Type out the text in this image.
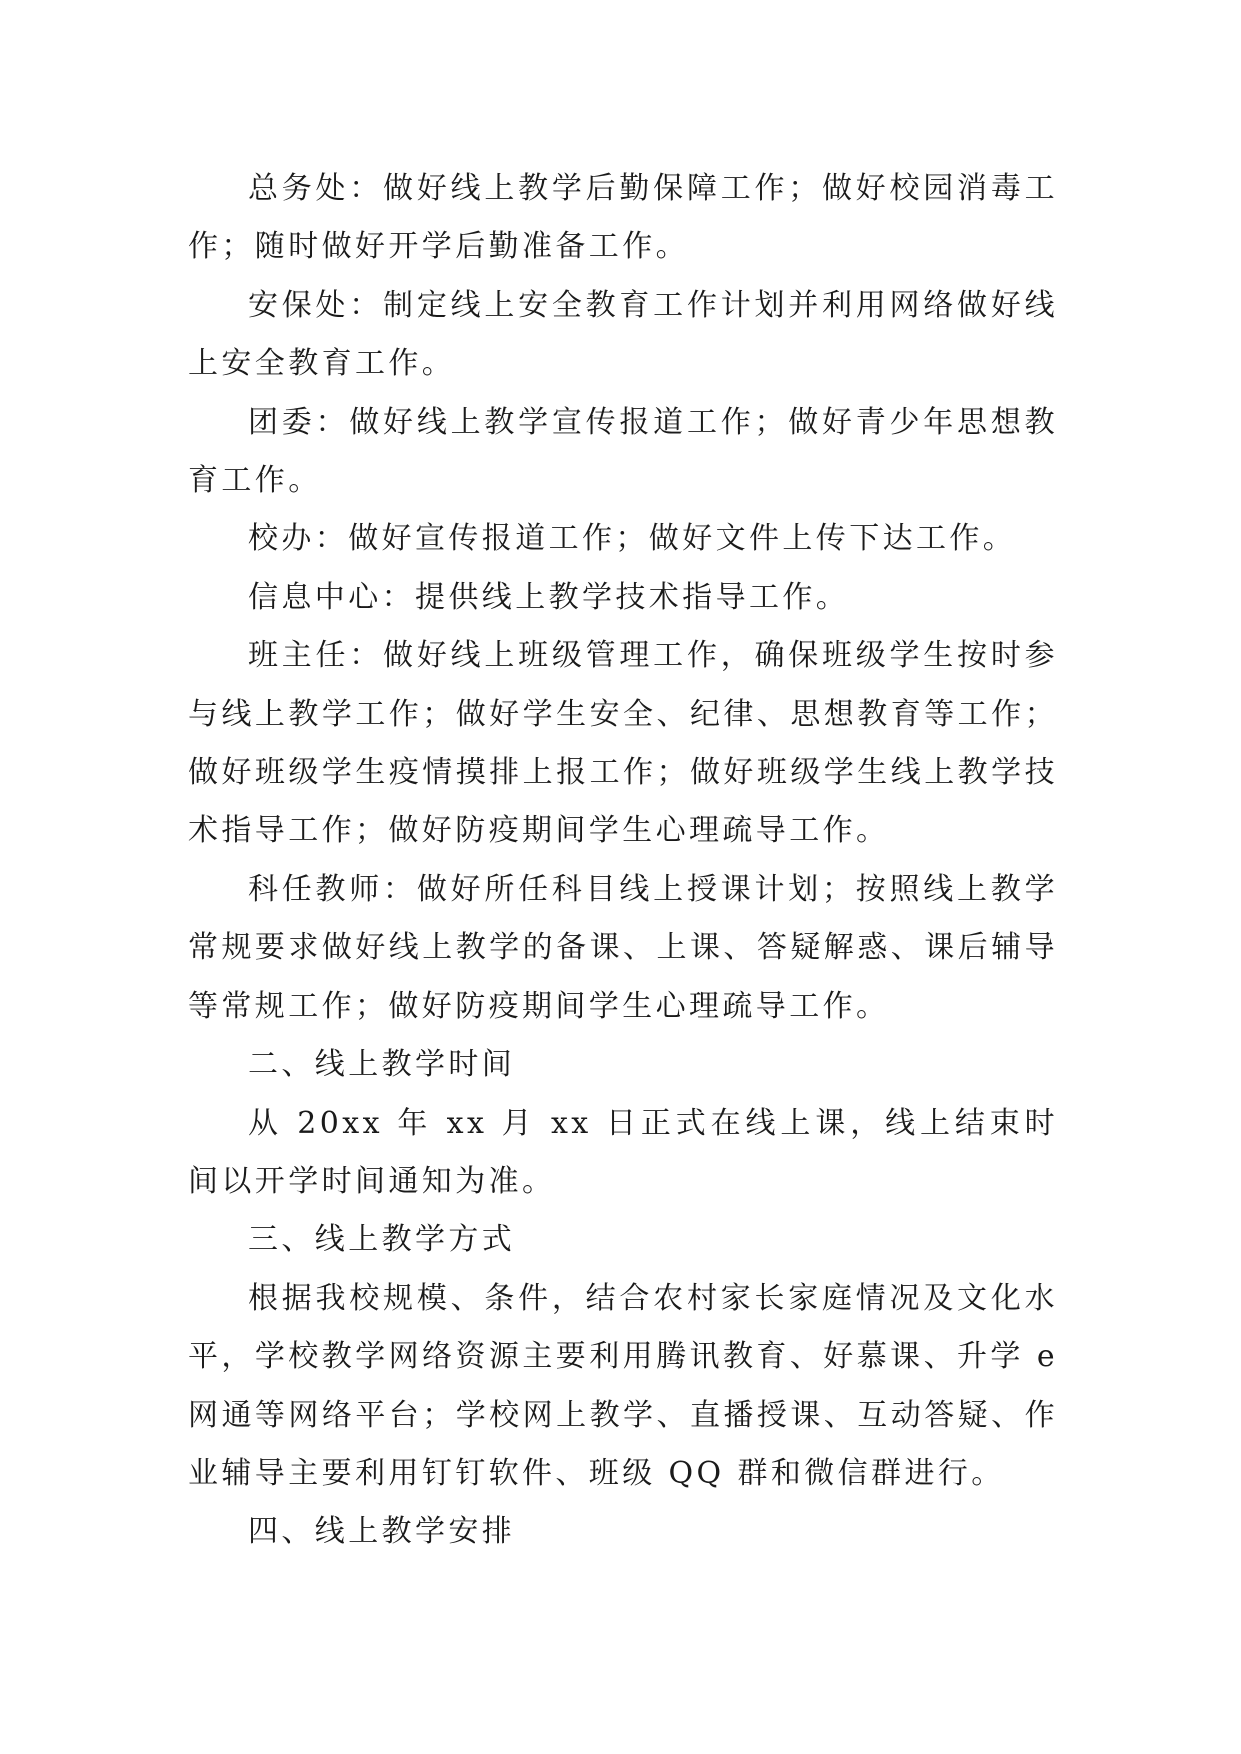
总务处：做好线上教学后勤保障工作；做好校园消毒工作；随时做好开学后勤准备工作。

安保处：制定线上安全教育工作计划并利用网络做好线上安全教育工作。

团委：做好线上教学宣传报道工作；做好青少年思想教育工作。

校办：做好宣传报道工作；做好文件上传下达工作。

信息中心：提供线上教学技术指导工作。

班主任：做好线上班级管理工作，确保班级学生按时参与线上教学工作；做好学生安全、纪律、思想教育等工作；做好班级学生疫情摸排上报工作；做好班级学生线上教学技术指导工作；做好防疫期间学生心理疏导工作。

科任教师：做好所任科目线上授课计划；按照线上教学常规要求做好线上教学的备课、上课、答疑解惑、课后辅导等常规工作；做好防疫期间学生心理疏导工作。

二、线上教学时间

从 20xx 年 xx 月 xx 日正式在线上课，线上结束时间以开学时间通知为准。

三、线上教学方式

根据我校规模、条件，结合农村家长家庭情况及文化水平，学校教学网络资源主要利用腾讯教育、好慕课、升学 e 网通等网络平台；学校网上教学、直播授课、互动答疑、作业辅导主要利用钉钉软件、班级 QQ 群和微信群进行。

四、线上教学安排
